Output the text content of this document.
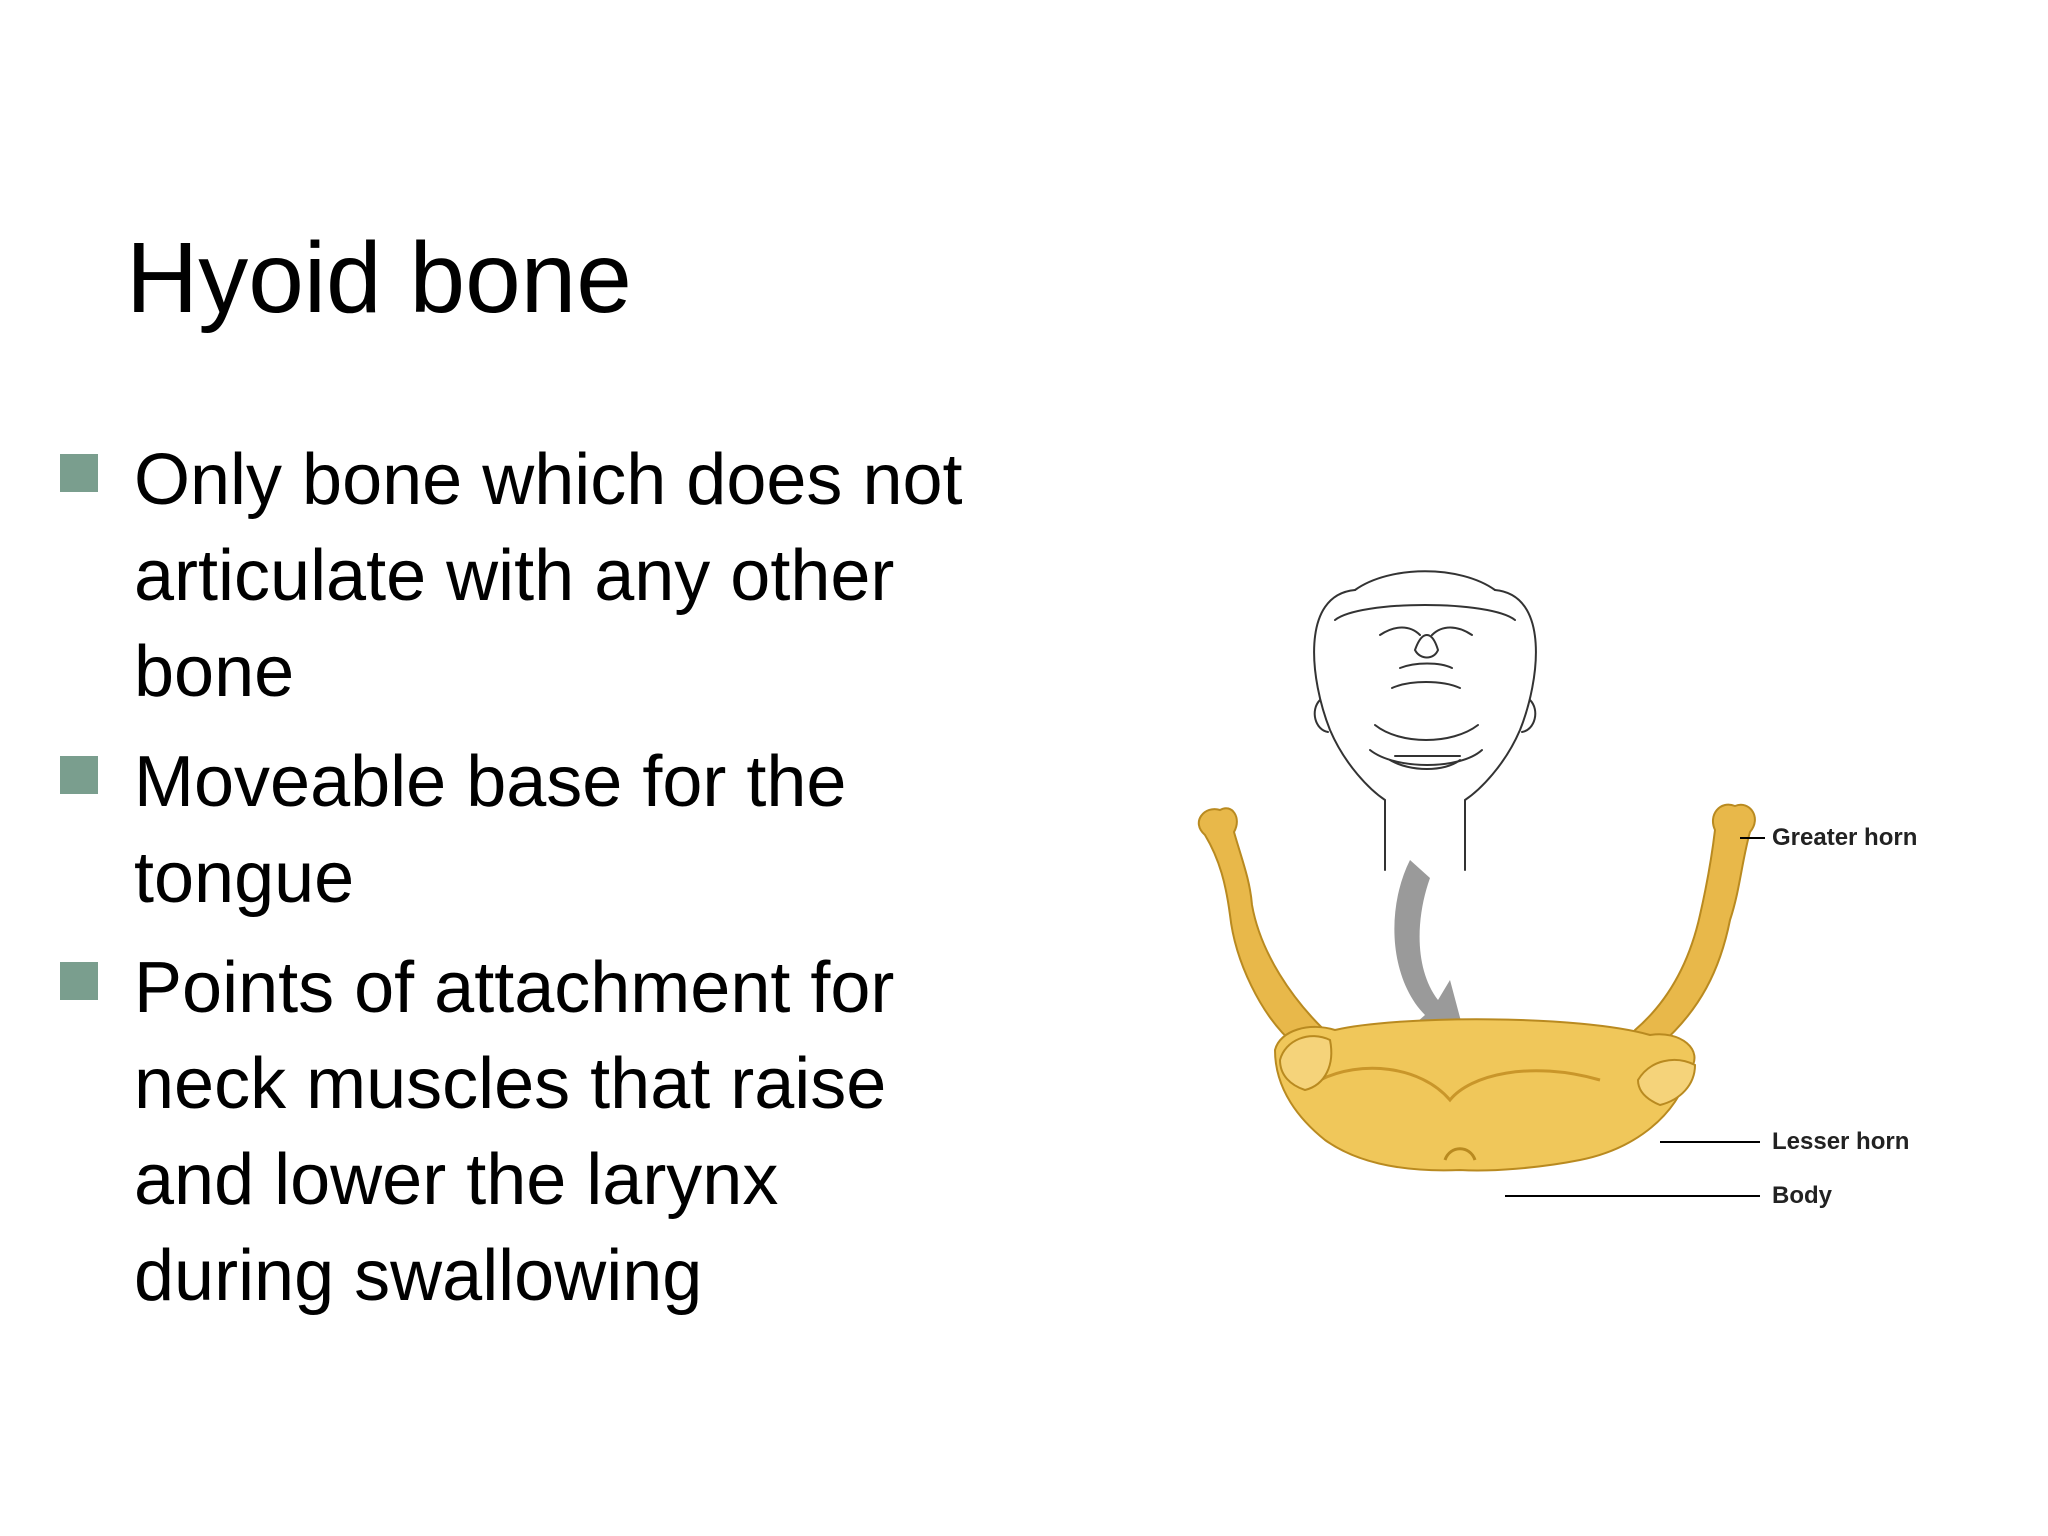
Hyoid bone
Only bone which does not
articulate with any other
bone
Moveable base for the
tongue
Points of attachment for
neck muscles that raise
and lower the larynx
during swallowing
Greater horn
Lesser horn
Body
